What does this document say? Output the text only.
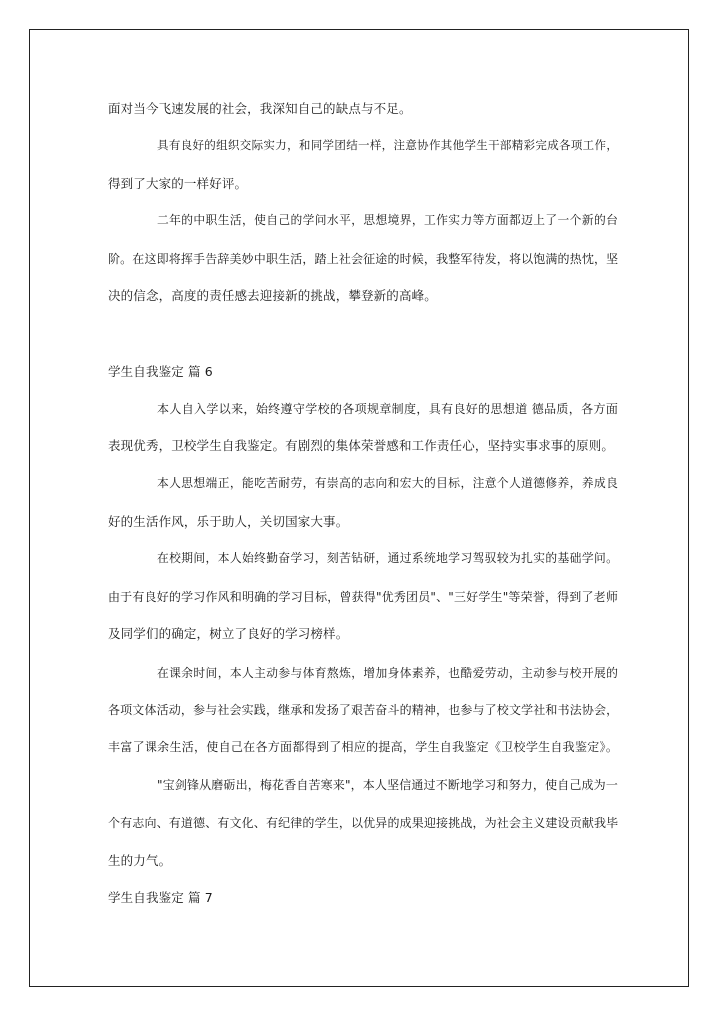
面对当今飞速发展的社会，我深知自己的缺点与不足。
具有良好的组织交际实力，和同学团结一样，注意协作其他学生干部精彩完成各项工作，
得到了大家的一样好评。
二年的中职生活，使自己的学问水平，思想境界，工作实力等方面都迈上了一个新的台
阶。在这即将挥手告辞美妙中职生活，踏上社会征途的时候，我整军待发，将以饱满的热忱，坚
决的信念，高度的责任感去迎接新的挑战，攀登新的高峰。
学生自我鉴定 篇 6
本人自入学以来，始终遵守学校的各项规章制度，具有良好的思想道 德品质，各方面
表现优秀，卫校学生自我鉴定。有剧烈的集体荣誉感和工作责任心，坚持实事求事的原则。
本人思想端正，能吃苦耐劳，有崇高的志向和宏大的目标，注意个人道德修养，养成良
好的生活作风，乐于助人，关切国家大事。
在校期间，本人始终勤奋学习，刻苦钻研，通过系统地学习驾驭较为扎实的基础学问。
由于有良好的学习作风和明确的学习目标，曾获得"优秀团员"、"三好学生"等荣誉，得到了老师
及同学们的确定，树立了良好的学习榜样。
在课余时间，本人主动参与体育熬炼，增加身体素养，也酷爱劳动，主动参与校开展的
各项文体活动，参与社会实践，继承和发扬了艰苦奋斗的精神，也参与了校文学社和书法协会，
丰富了课余生活，使自己在各方面都得到了相应的提高，学生自我鉴定《卫校学生自我鉴定》。
"宝剑锋从磨砺出，梅花香自苦寒来"，本人坚信通过不断地学习和努力，使自己成为一
个有志向、有道德、有文化、有纪律的学生，以优异的成果迎接挑战，为社会主义建设贡献我毕
生的力气。
学生自我鉴定 篇 7
